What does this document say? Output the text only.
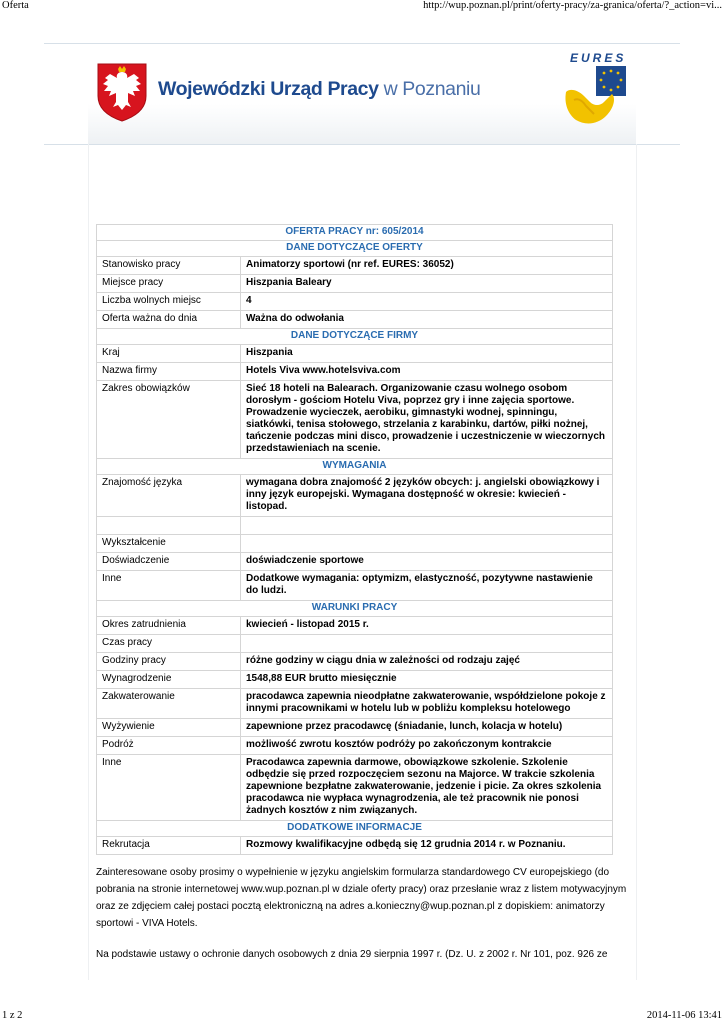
Oferta	http://wup.poznan.pl/print/oferty-pracy/za-granica/oferta/?_action=vi...
Wojewódzki Urząd Pracy w Poznaniu
EURES
OFERTA PRACY nr: 605/2014	
DANE DOTYCZĄCE OFERTY	
Stanowisko pracy	Animatorzy sportowi (nr ref. EURES: 36052)
Miejsce pracy	Hiszpania Baleary
Liczba wolnych miejsc	4
Oferta ważna do dnia	Ważna do odwołania
DANE DOTYCZĄCE FIRMY	
Kraj	Hiszpania
Nazwa firmy	Hotels Viva www.hotelsviva.com
Zakres obowiązków	Sieć 18 hoteli na Balearach. Organizowanie czasu wolnego osobom dorosłym - gościom Hotelu Viva, poprzez gry i inne zajęcia sportowe. Prowadzenie wycieczek, aerobiku, gimnastyki wodnej, spinningu, siatkówki, tenisa stołowego, strzelania z karabinku, dartów, piłki nożnej, tańczenie podczas mini disco, prowadzenie i uczestniczenie w wieczornych przedstawieniach na scenie.
WYMAGANIA	
Znajomość języka	wymagana dobra znajomość 2 języków obcych: j. angielski obowiązkowy i inny język europejski. Wymagana dostępność w okresie: kwiecień - listopad.

Wykształcenie	
Doświadczenie	doświadczenie sportowe
Inne	Dodatkowe wymagania: optymizm, elastyczność, pozytywne nastawienie do ludzi.
WARUNKI PRACY	
Okres zatrudnienia	kwiecień - listopad 2015 r.
Czas pracy	
Godziny pracy	różne godziny w ciągu dnia w zależności od rodzaju zajęć
Wynagrodzenie	1548,88 EUR brutto miesięcznie
Zakwaterowanie	pracodawca zapewnia nieodpłatne zakwaterowanie, współdzielone pokoje z innymi pracownikami w hotelu lub w pobliżu kompleksu hotelowego
Wyżywienie	zapewnione przez pracodawcę (śniadanie, lunch, kolacja w hotelu)
Podróż	możliwość zwrotu kosztów podróży po zakończonym kontrakcie
Inne	Pracodawca zapewnia darmowe, obowiązkowe szkolenie. Szkolenie odbędzie się przed rozpoczęciem sezonu na Majorce. W trakcie szkolenia zapewnione bezpłatne zakwaterowanie, jedzenie i picie. Za okres szkolenia pracodawca nie wypłaca wynagrodzenia, ale też pracownik nie ponosi żadnych kosztów z nim związanych.
DODATKOWE INFORMACJE	
Rekrutacja	Rozmowy kwalifikacyjne odbędą się 12 grudnia 2014 r. w Poznaniu.
Zainteresowane osoby prosimy o wypełnienie w języku angielskim formularza standardowego CV europejskiego (do pobrania na stronie internetowej www.wup.poznan.pl w dziale oferty pracy) oraz przesłanie wraz z listem motywacyjnym oraz ze zdjęciem całej postaci pocztą elektroniczną na adres a.konieczny@wup.poznan.pl z dopiskiem: animatorzy sportowi - VIVA Hotels.
Na podstawie ustawy o ochronie danych osobowych z dnia 29 sierpnia 1997 r. (Dz. U. z 2002 r. Nr 101, poz. 926 ze
1 z 2	2014-11-06 13:41
